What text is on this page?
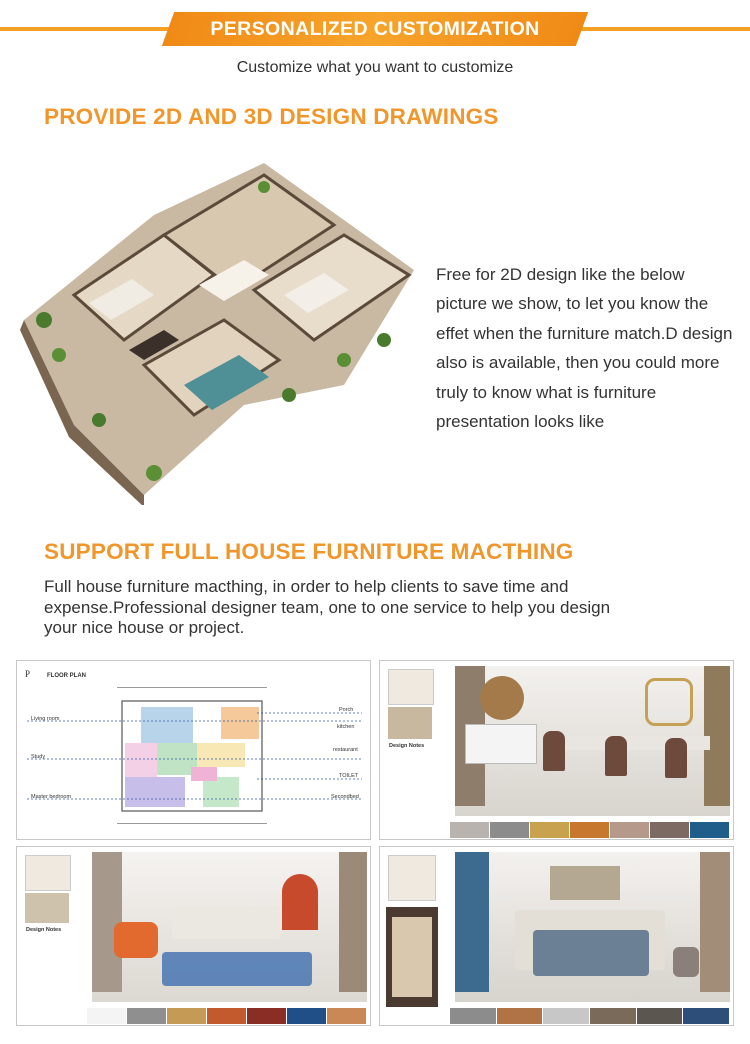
PERSONALIZED CUSTOMIZATION
Customize what you want to customize
PROVIDE 2D AND 3D DESIGN DRAWINGS
Free for 2D design like the below picture we show, to let you know the effet when the furniture match.D design also is available, then you could more truly to know what is furniture presentation looks like
SUPPORT FULL HOUSE FURNITURE MACTHING
Full house furniture macthing, in order to help clients to save time and expense.Professional designer team, one to one service to help you design your nice house or project.
P	FLOOR PLAN
Living room
Study
Master bedroom
Porch
kitchen
restaurant
TOILET
Secondbed
Design Notes
Design Notes
